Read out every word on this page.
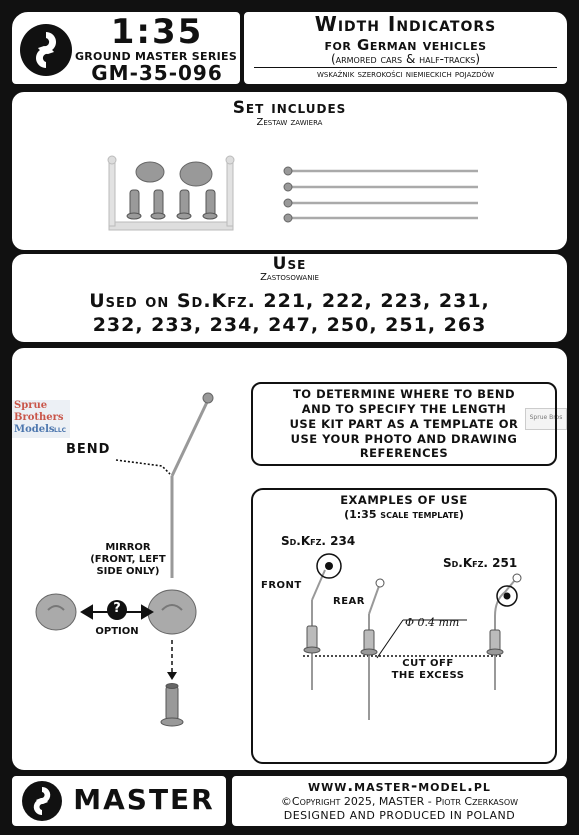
1:35
GROUND MASTER SERIES
GM-35-096
Width Indicators
for German vehicles
(armored cars & half-tracks)
wskaźnik szerokości niemieckich pojazdów
Set includes
Zestaw zawiera
Use
Zastosowanie
Used on Sd.Kfz. 221, 222, 223, 231,
232, 233, 234, 247, 250, 251, 263
BEND
MIRROR
(FRONT, LEFT
SIDE ONLY)
?
OPTION
Sprue
Brothers
Models LLC
Sprue Bros
TO DETERMINE WHERE TO BEND
AND TO SPECIFY THE LENGTH
USE KIT PART AS A TEMPLATE OR
USE YOUR PHOTO AND DRAWING
REFERENCES
EXAMPLES OF USE
(1:35 scale template)
Sd.Kfz. 234
Sd.Kfz. 251
FRONT
REAR
Φ 0.4 mm
CUT OFF
THE EXCESS
MASTER	www.master-model.pl
©Copyright 2025, MASTER - Piotr Czerkasow
DESIGNED AND PRODUCED IN POLAND
